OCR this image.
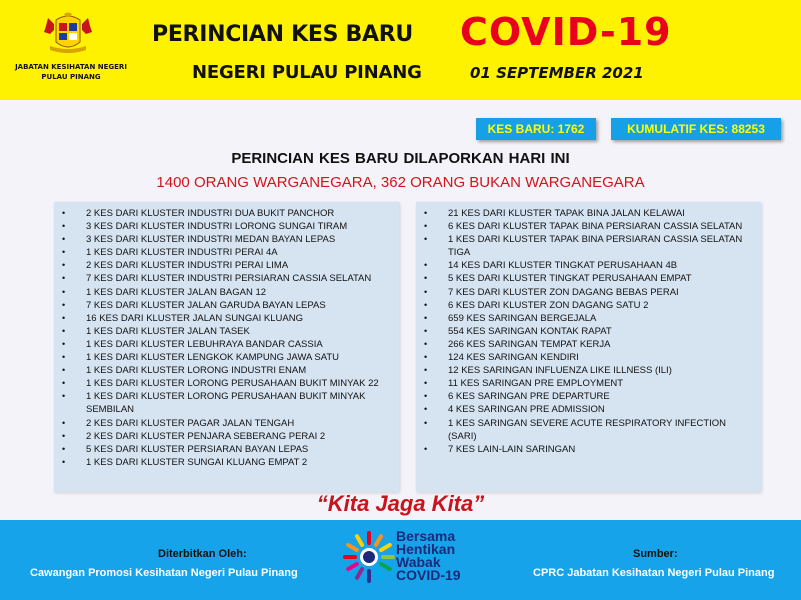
JABATAN KESIHATAN NEGERI PULAU PINANG
PERINCIAN KES BARU COVID-19
NEGERI PULAU PINANG	01 SEPTEMBER 2021
KES BARU: 1762	KUMULATIF KES: 88253
PERINCIAN KES BARU DILAPORKAN HARI INI
1400 ORANG WARGANEGARA, 362 ORANG BUKAN WARGANEGARA
• 2 KES DARI KLUSTER INDUSTRI DUA BUKIT PANCHOR
• 3 KES DARI KLUSTER INDUSTRI LORONG SUNGAI TIRAM
• 3 KES DARI KLUSTER INDUSTRI MEDAN BAYAN LEPAS
• 1 KES DARI KLUSTER INDUSTRI PERAI 4A
• 2 KES DARI KLUSTER INDUSTRI PERAI LIMA
• 7 KES DARI KLUSTER INDUSTRI PERSIARAN CASSIA SELATAN
• 1 KES DARI KLUSTER JALAN BAGAN 12
• 7 KES DARI KLUSTER JALAN GARUDA BAYAN LEPAS
• 16 KES DARI KLUSTER JALAN SUNGAI KLUANG
• 1 KES DARI KLUSTER JALAN TASEK
• 1 KES DARI KLUSTER LEBUHRAYA BANDAR CASSIA
• 1 KES DARI KLUSTER LENGKOK KAMPUNG JAWA SATU
• 1 KES DARI KLUSTER LORONG INDUSTRI ENAM
• 1 KES DARI KLUSTER LORONG PERUSAHAAN BUKIT MINYAK 22
• 1 KES DARI KLUSTER LORONG PERUSAHAAN BUKIT MINYAK SEMBILAN
• 2 KES DARI KLUSTER PAGAR JALAN TENGAH
• 2 KES DARI KLUSTER PENJARA SEBERANG PERAI 2
• 5 KES DARI KLUSTER PERSIARAN BAYAN LEPAS
• 1 KES DARI KLUSTER SUNGAI KLUANG EMPAT 2
• 21 KES DARI KLUSTER TAPAK BINA JALAN KELAWAI
• 6 KES DARI KLUSTER TAPAK BINA PERSIARAN CASSIA SELATAN
• 1 KES DARI KLUSTER TAPAK BINA PERSIARAN CASSIA SELATAN TIGA
• 14 KES DARI KLUSTER TINGKAT PERUSAHAAN 4B
• 5 KES DARI KLUSTER TINGKAT PERUSAHAAN EMPAT
• 7 KES DARI KLUSTER ZON DAGANG BEBAS PERAI
• 6 KES DARI KLUSTER ZON DAGANG SATU 2
• 659 KES SARINGAN BERGEJALA
• 554 KES SARINGAN KONTAK RAPAT
• 266 KES SARINGAN TEMPAT KERJA
• 124 KES SARINGAN KENDIRI
• 12 KES SARINGAN INFLUENZA LIKE ILLNESS (ILI)
• 11 KES SARINGAN PRE EMPLOYMENT
• 6 KES SARINGAN PRE DEPARTURE
• 4 KES SARINGAN PRE ADMISSION
• 1 KES SARINGAN SEVERE ACUTE RESPIRATORY INFECTION (SARI)
• 7 KES LAIN-LAIN SARINGAN
“Kita Jaga Kita”
Diterbitkan Oleh:
Cawangan Promosi Kesihatan Negeri Pulau Pinang
Bersama
Hentikan
Wabak
COVID-19
Sumber:
CPRC Jabatan Kesihatan Negeri Pulau Pinang
